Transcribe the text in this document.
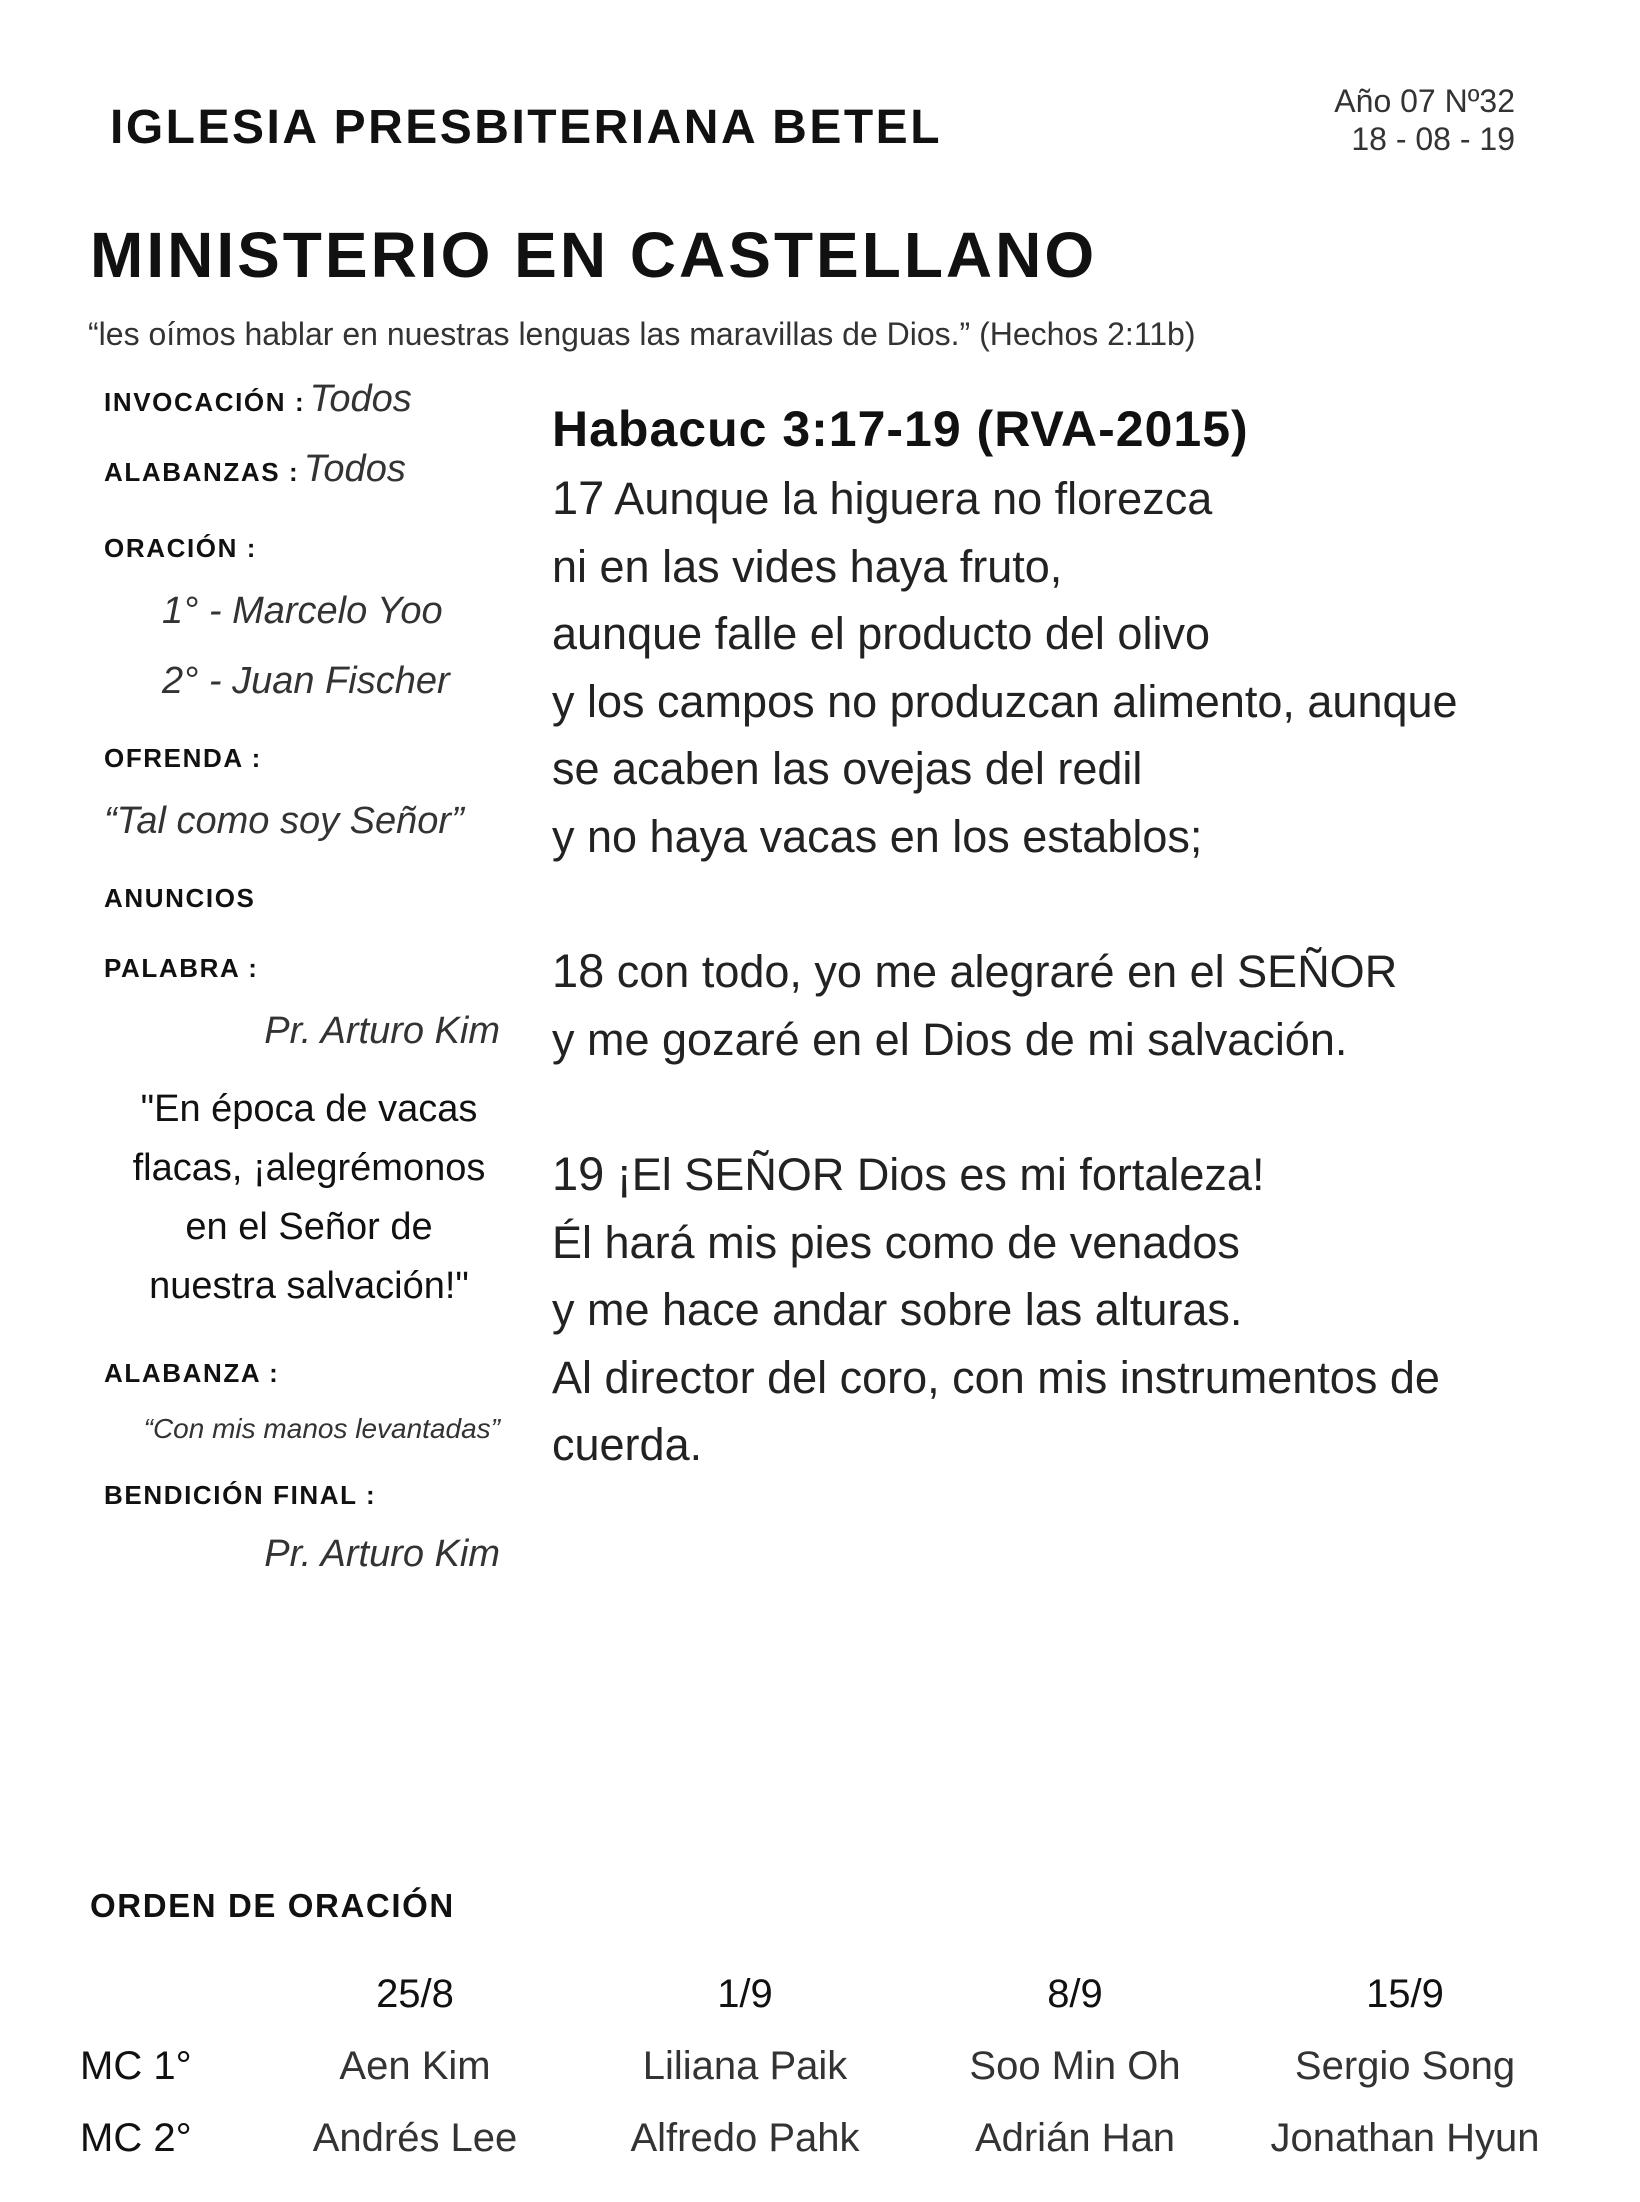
IGLESIA PRESBITERIANA BETEL	Año 07 Nº32
18 - 08 - 19
MINISTERIO EN CASTELLANO
“les oímos hablar en nuestras lenguas las maravillas de Dios.” (Hechos 2:11b)
INVOCACIÓN : Todos
ALABANZAS : Todos
ORACIÓN :
1° - Marcelo Yoo
2° - Juan Fischer
OFRENDA :
“Tal como soy Señor”
ANUNCIOS
PALABRA :
Pr. Arturo Kim
"En época de vacas
flacas, ¡alegrémonos
en el Señor de
nuestra salvación!"
ALABANZA :
“Con mis manos levantadas”
BENDICIÓN FINAL :
Pr. Arturo Kim
Habacuc 3:17-19 (RVA-2015)
17 Aunque la higuera no florezca
ni en las vides haya fruto,
aunque falle el producto del olivo
y los campos no produzcan alimento, aunque
se acaben las ovejas del redil
y no haya vacas en los establos;
18 con todo, yo me alegraré en el SEÑOR
y me gozaré en el Dios de mi salvación.
19 ¡El SEÑOR Dios es mi fortaleza!
Él hará mis pies como de venados
y me hace andar sobre las alturas.
Al director del coro, con mis instrumentos de
cuerda.
ORDEN DE ORACIÓN
	25/8	1/9	8/9	15/9
MC 1°	Aen Kim	Liliana Paik	Soo Min Oh	Sergio Song
MC 2°	Andrés Lee	Alfredo Pahk	Adrián Han	Jonathan Hyun
